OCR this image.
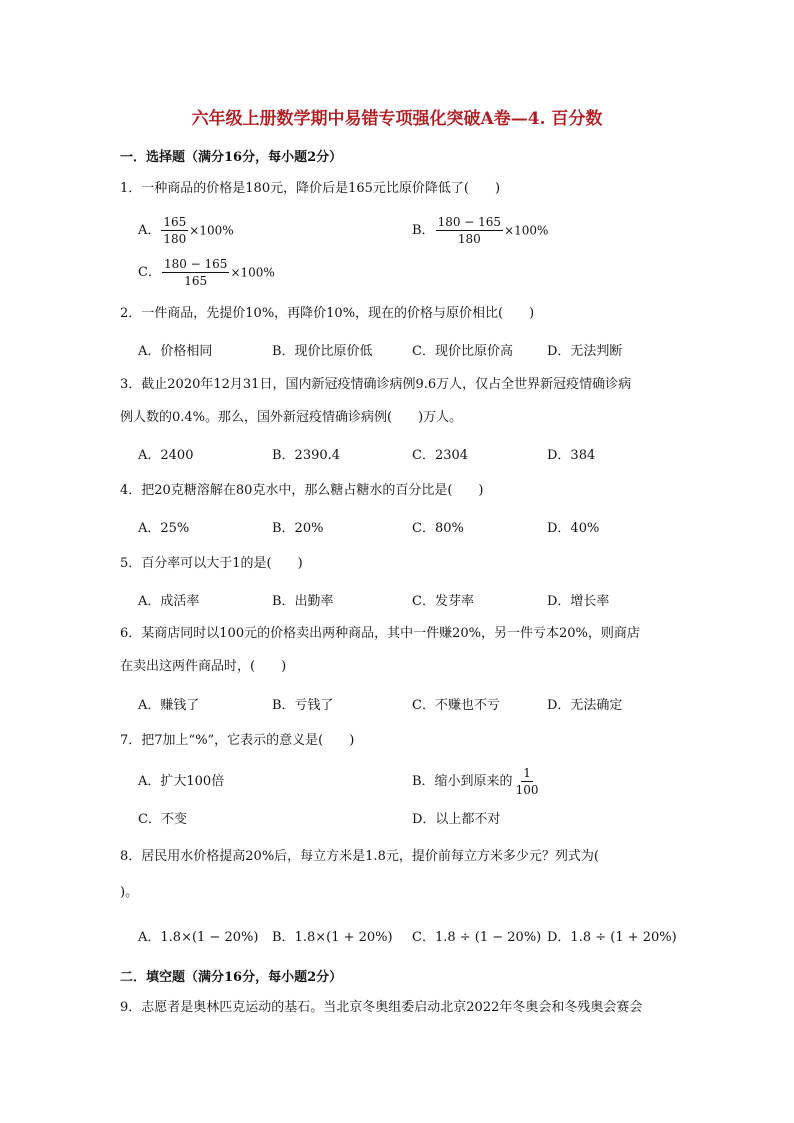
六年级上册数学期中易错专项强化突破A卷—4. 百分数
一．选择题（满分16分，每小题2分）
1．一种商品的价格是180元，降价后是165元比原价降低了(　　)
A． $\frac{165}{180} \times 100\%$	B． $\frac{180 - 165}{180} \times 100\%$
C． $\frac{180 - 165}{165} \times 100\%$
2．一件商品，先提价10%，再降价10%，现在的价格与原价相比(　　)
A．价格相同	B．现价比原价低	C．现价比原价高	D．无法判断
3．截止2020年12月31日，国内新冠疫情确诊病例9.6万人，仅占全世界新冠疫情确诊病
例人数的0.4%。那么，国外新冠疫情确诊病例(　　)万人。
A．2400	B．2390.4	C．2304	D．384
4．把20克糖溶解在80克水中，那么糖占糖水的百分比是(　　)
A．25%	B．20%	C．80%	D．40%
5．百分率可以大于1的是(　　)
A．成活率	B．出勤率	C．发芽率	D．增长率
6．某商店同时以100元的价格卖出两种商品，其中一件赚20%，另一件亏本20%，则商店
在卖出这两件商品时，(　　)
A．赚钱了	B．亏钱了	C．不赚也不亏	D．无法确定
7．把7加上“%”，它表示的意义是(　　)
A．扩大100倍	B．缩小到原来的 $\frac{1}{100}$
C．不变	D．以上都不对
8．居民用水价格提高20%后，每立方米是1.8元，提价前每立方米多少元？列式为(
)。
A．1.8×(1 − 20%) B．1.8×(1 + 20%) C．1.8 ÷ (1 − 20%) D．1.8 ÷ (1 + 20%)
二．填空题（满分16分，每小题2分）
9．志愿者是奥林匹克运动的基石。当北京冬奥组委启动北京2022年冬奥会和冬残奥会赛会
